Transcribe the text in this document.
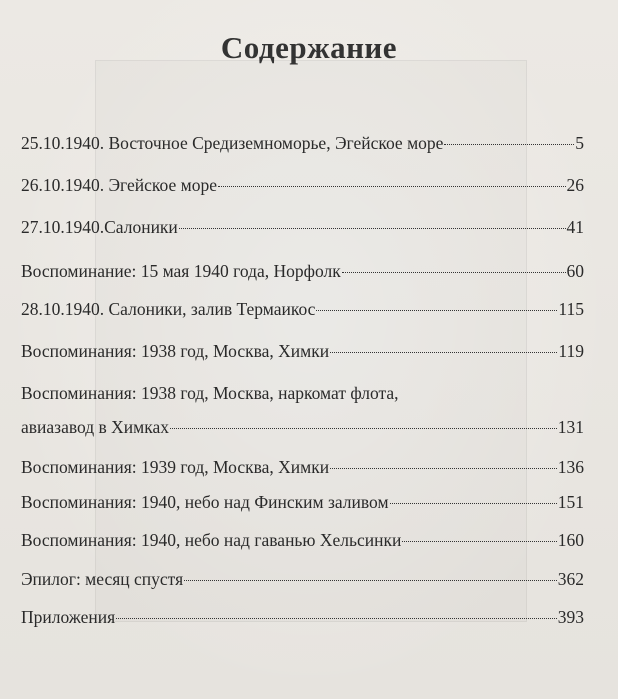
Содержание
25.10.1940. Восточное Средиземноморье, Эгейское море	5
26.10.1940. Эгейское море	26
27.10.1940.Салоники	41
Воспоминание: 15 мая 1940 года, Норфолк	60
28.10.1940. Салоники, залив Термаикос	115
Воспоминания: 1938 год, Москва, Химки	119
Воспоминания: 1938 год, Москва, наркомат флота,
авиазавод в Химках	131
Воспоминания: 1939 год, Москва, Химки	136
Воспоминания: 1940, небо над Финским заливом	151
Воспоминания: 1940, небо над гаванью Хельсинки	160
Эпилог: месяц спустя	362
Приложения	393
